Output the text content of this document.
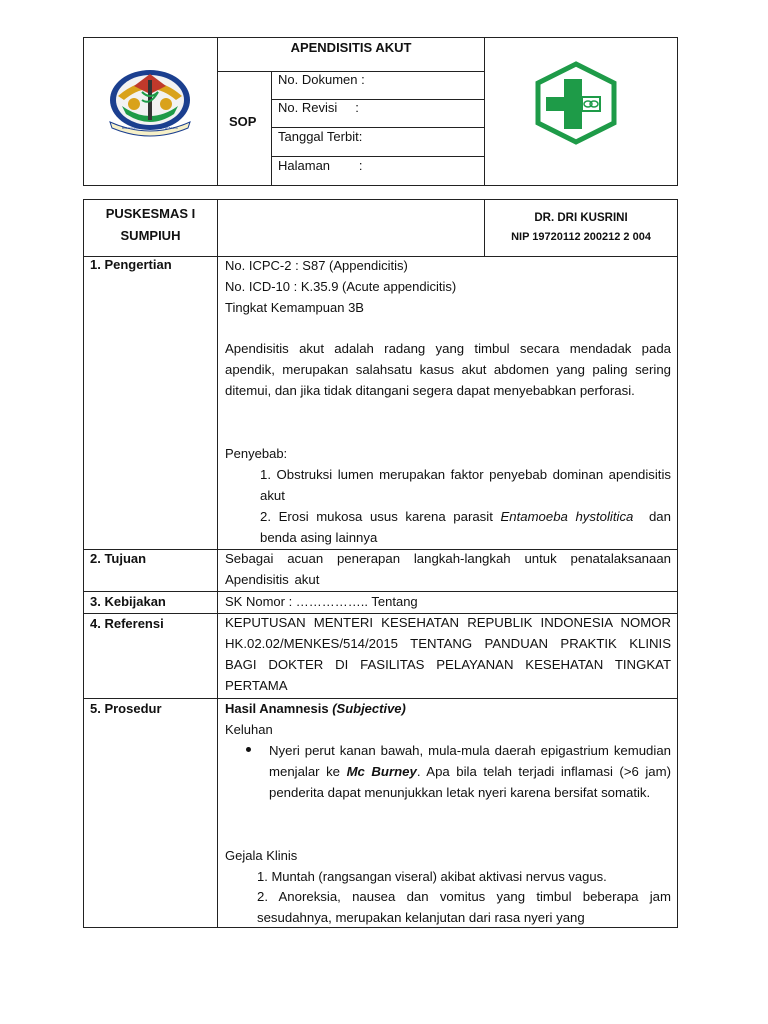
BANYUMAS KANG SATRIA WIBAWA
APENDISITIS AKUT
SOP
No. Dokumen :
No. Revisi     :
Tanggal Terbit:
Halaman        :
PUSKESMAS I
SUMPIUH
DR. DRI KUSRINI
NIP 19720112 200212 2 004
1. Pengertian	No. ICPC-2 : S87 (Appendicitis)
No. ICD-10 : K.35.9 (Acute appendicitis)
Tingkat Kemampuan 3B
Apendisitis akut adalah radang yang timbul secara mendadak pada apendik, merupakan salahsatu kasus akut abdomen yang paling sering ditemui, dan jika tidak ditangani segera dapat menyebabkan perforasi.
Penyebab:
1. Obstruksi lumen merupakan faktor penyebab dominan apendisitis akut
2. Erosi mukosa usus karena parasit Entamoeba hystolitica dan benda asing lainnya
2. Tujuan	Sebagai acuan penerapan langkah-langkah untuk penatalaksanaan Apendisitis akut
3. Kebijakan	SK Nomor : …………….. Tentang
4. Referensi	KEPUTUSAN MENTERI KESEHATAN REPUBLIK INDONESIA NOMOR HK.02.02/MENKES/514/2015 TENTANG PANDUAN PRAKTIK KLINIS BAGI DOKTER DI FASILITAS PELAYANAN KESEHATAN TINGKAT PERTAMA
5. Prosedur	Hasil Anamnesis (Subjective)
Keluhan
Nyeri perut kanan bawah, mula-mula daerah epigastrium kemudian menjalar ke Mc Burney. Apa bila telah terjadi inflamasi (>6 jam) penderita dapat menunjukkan letak nyeri karena bersifat somatik.
Gejala Klinis
1. Muntah (rangsangan viseral) akibat aktivasi nervus vagus.
2. Anoreksia, nausea dan vomitus yang timbul beberapa jam sesudahnya, merupakan kelanjutan dari rasa nyeri yang
